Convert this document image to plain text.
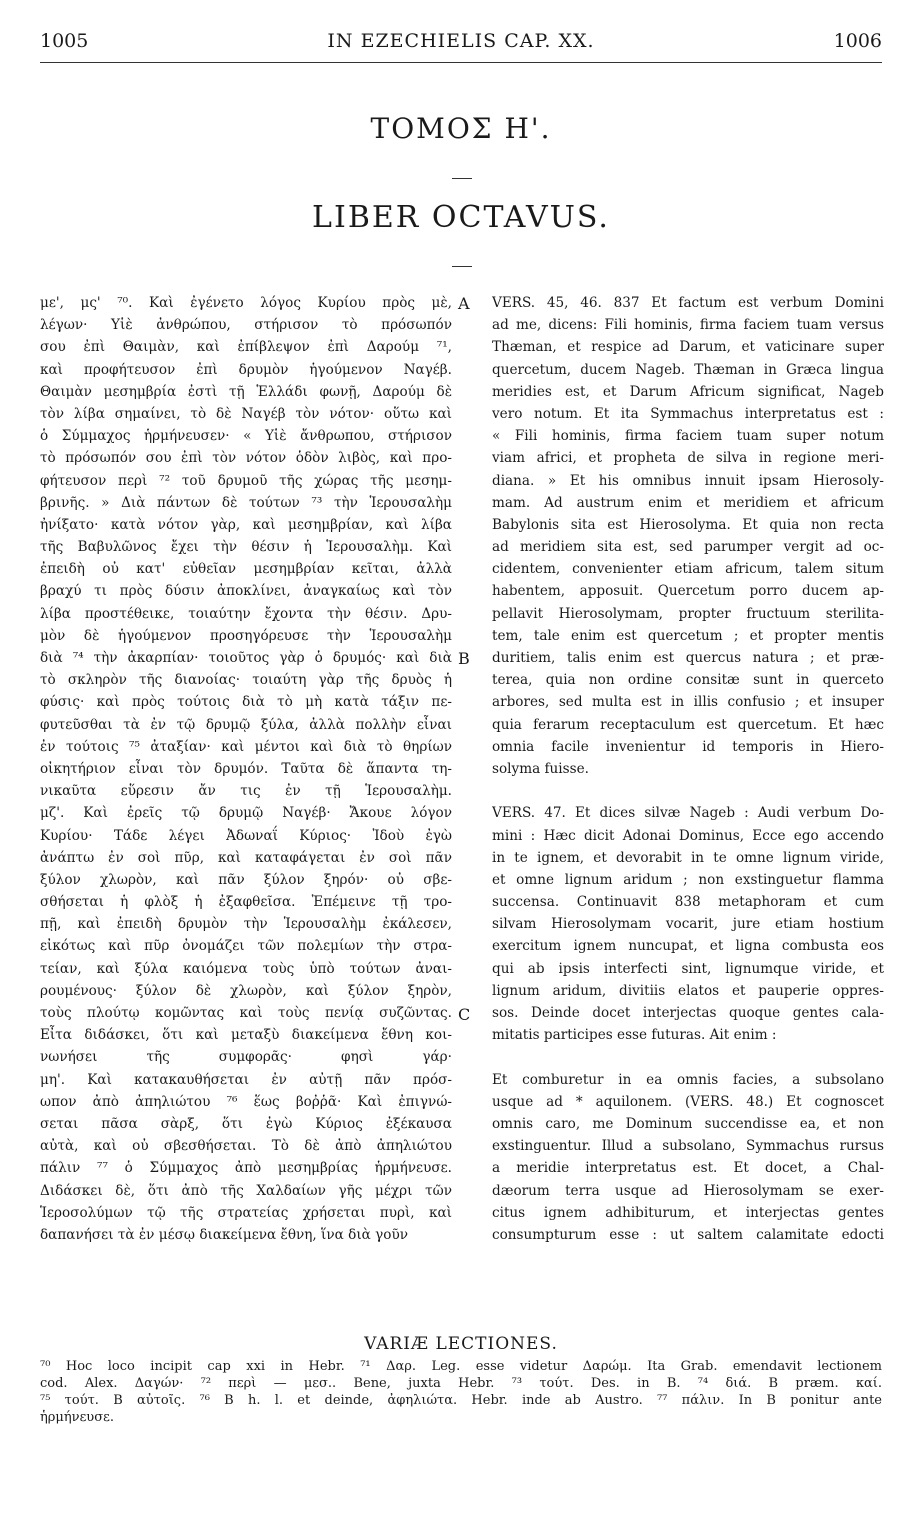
1005	IN EZECHIELIS CAP. XX.	1006
ΤΟΜΟΣ Η'.
LIBER OCTAVUS.
A
B
C
με', μς' ⁷⁰. Καὶ ἐγένετο λόγος Κυρίου πρὸς μὲ,
λέγων· Υἱὲ ἀνθρώπου, στήρισον τὸ πρόσωπόν
σου ἐπὶ Θαιμὰν, καὶ ἐπίβλεψον ἐπὶ Δαρούμ ⁷¹,
καὶ προφήτευσον ἐπὶ δρυμὸν ἡγούμενον Ναγέβ.
Θαιμὰν μεσημβρία ἐστὶ τῇ Ἑλλάδι φωνῇ, Δαρούμ δὲ
τὸν λίβα σημαίνει, τὸ δὲ Ναγέβ τὸν νότον· οὕτω καὶ
ὁ Σύμμαχος ἡρμήνευσεν· « Υἱὲ ἄνθρωπου, στήρισον
τὸ πρόσωπόν σου ἐπὶ τὸν νότον ὁδὸν λιβὸς, καὶ προ-
φήτευσον περὶ ⁷² τοῦ δρυμοῦ τῆς χώρας τῆς μεσημ-
βρινῆς. » Διὰ πάντων δὲ τούτων ⁷³ τὴν Ἱερουσαλὴμ
ἠνίξατο· κατὰ νότον γὰρ, καὶ μεσημβρίαν, καὶ λίβα
τῆς Βαβυλῶνος ἔχει τὴν θέσιν ἡ Ἱερουσαλὴμ. Καὶ
ἐπειδὴ οὐ κατ' εὐθεῖαν μεσημβρίαν κεῖται, ἀλλὰ
βραχύ τι πρὸς δύσιν ἀποκλίνει, ἀναγκαίως καὶ τὸν
λίβα προστέθεικε, τοιαύτην ἔχοντα τὴν θέσιν. Δρυ-
μὸν δὲ ἡγούμενον προσηγόρευσε τὴν Ἱερουσαλὴμ
διὰ ⁷⁴ τὴν ἀκαρπίαν· τοιοῦτος γὰρ ὁ δρυμός· καὶ διὰ
τὸ σκληρὸν τῆς διανοίας· τοιαύτη γὰρ τῆς δρυὸς ἡ
φύσις· καὶ πρὸς τούτοις διὰ τὸ μὴ κατὰ τάξιν πε-
φυτεῦσθαι τὰ ἐν τῷ δρυμῷ ξύλα, ἀλλὰ πολλὴν εἶναι
ἐν τούτοις ⁷⁵ ἀταξίαν· καὶ μέντοι καὶ διὰ τὸ θηρίων
οἰκητήριον εἶναι τὸν δρυμόν. Ταῦτα δὲ ἅπαντα τη-
νικαῦτα εὕρεσιν ἄν τις ἐν τῇ Ἱερουσαλὴμ.
μζ'. Καὶ ἐρεῖς τῷ δρυμῷ Ναγέβ· Ἄκουε λόγον
Κυρίου· Τάδε λέγει Ἀδωναΐ Κύριος· Ἰδοὺ ἐγὼ
ἀνάπτω ἐν σοὶ πῦρ, καὶ καταφάγεται ἐν σοὶ πᾶν
ξύλον χλωρὸν, καὶ πᾶν ξύλον ξηρόν· οὐ σβε-
σθήσεται ἡ φλὸξ ἡ ἐξαφθεῖσα. Ἐπέμεινε τῇ τρο-
πῇ, καὶ ἐπειδὴ δρυμὸν τὴν Ἱερουσαλὴμ ἐκάλεσεν,
εἰκότως καὶ πῦρ ὀνομάζει τῶν πολεμίων τὴν στρα-
τείαν, καὶ ξύλα καιόμενα τοὺς ὑπὸ τούτων ἀναι-
ρουμένους· ξύλον δὲ χλωρὸν, καὶ ξύλον ξηρὸν,
τοὺς πλούτῳ κομῶντας καὶ τοὺς πενίᾳ συζῶντας.
Εἶτα διδάσκει, ὅτι καὶ μεταξὺ διακείμενα ἔθνη κοι-
νωνήσει τῆς συμφορᾶς· φησὶ γάρ·
μη'. Καὶ κατακαυθήσεται ἐν αὐτῇ πᾶν πρόσ-
ωπον ἀπὸ ἀπηλιώτου ⁷⁶ ἕως βοῤῥᾶ· Καὶ ἐπιγνώ-
σεται πᾶσα σὰρξ, ὅτι ἐγὼ Κύριος ἐξέκαυσα
αὐτὰ, καὶ οὐ σβεσθήσεται. Τὸ δὲ ἀπὸ ἀπηλιώτου
πάλιν ⁷⁷ ὁ Σύμμαχος ἀπὸ μεσημβρίας ἡρμήνευσε.
Διδάσκει δὲ, ὅτι ἀπὸ τῆς Χαλδαίων γῆς μέχρι τῶν
Ἱεροσολύμων τῷ τῆς στρατείας χρήσεται πυρὶ, καὶ
δαπανήσει τὰ ἐν μέσῳ διακείμενα ἔθνη, ἵνα διὰ γοῦν
VERS. 45, 46. 837 Et factum est verbum Domini
ad me, dicens: Fili hominis, firma faciem tuam versus
Thæman, et respice ad Darum, et vaticinare super
quercetum, ducem Nageb. Thæman in Græca lingua
meridies est, et Darum Africum significat, Nageb
vero notum. Et ita Symmachus interpretatus est :
« Fili hominis, firma faciem tuam super notum
viam africi, et propheta de silva in regione meri-
diana. » Et his omnibus innuit ipsam Hierosoly-
mam. Ad austrum enim et meridiem et africum
Babylonis sita est Hierosolyma. Et quia non recta
ad meridiem sita est, sed parumper vergit ad oc-
cidentem, convenienter etiam africum, talem situm
habentem, apposuit. Quercetum porro ducem ap-
pellavit Hierosolymam, propter fructuum sterilita-
tem, tale enim est quercetum ; et propter mentis
duritiem, talis enim est quercus natura ; et præ-
terea, quia non ordine consitæ sunt in querceto
arbores, sed multa est in illis confusio ; et insuper
quia ferarum receptaculum est quercetum. Et hæc
omnia facile invenientur id temporis in Hiero-
solyma fuisse.
VERS. 47. Et dices silvæ Nageb : Audi verbum Do-
mini : Hæc dicit Adonai Dominus, Ecce ego accendo
in te ignem, et devorabit in te omne lignum viride,
et omne lignum aridum ; non exstinguetur flamma
succensa. Continuavit 838 metaphoram et cum
silvam Hierosolymam vocarit, jure etiam hostium
exercitum ignem nuncupat, et ligna combusta eos
qui ab ipsis interfecti sint, lignumque viride, et
lignum aridum, divitiis elatos et pauperie oppres-
sos. Deinde docet interjectas quoque gentes cala-
mitatis participes esse futuras. Ait enim :
Et comburetur in ea omnis facies, a subsolano
usque ad * aquilonem. (VERS. 48.) Et cognoscet
omnis caro, me Dominum succendisse ea, et non
exstinguentur. Illud a subsolano, Symmachus rursus
a meridie interpretatus est. Et docet, a Chal-
dæorum terra usque ad Hierosolymam se exer-
citus ignem adhibiturum, et interjectas gentes
consumpturum esse : ut saltem calamitate edocti
VARIÆ LECTIONES.
⁷⁰ Hoc loco incipit cap xxi in Hebr. ⁷¹ Δαρ. Leg. esse videtur Δαρώμ. Ita Grab. emendavit lectionem
cod. Alex. Δαγών· ⁷² περὶ — μεσ.. Bene, juxta Hebr. ⁷³ τούτ. Des. in B. ⁷⁴ διά. B præm. καί.
⁷⁵ τούτ. B αὐτοῖς. ⁷⁶ B h. l. et deinde, ἀφηλιώτα. Hebr. inde ab Austro. ⁷⁷ πάλιν. In B ponitur ante
ἡρμήνευσε.
